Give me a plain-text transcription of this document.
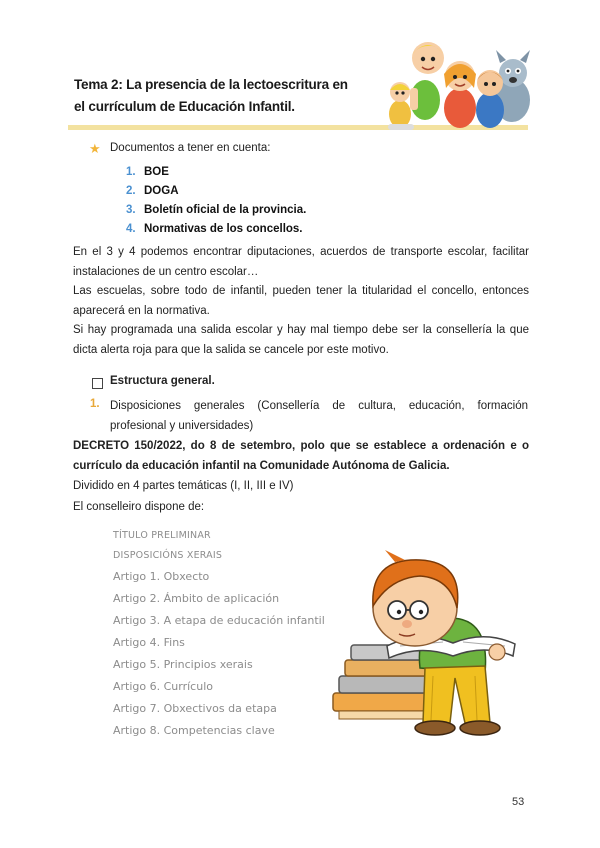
Tema 2: La presencia de la lectoescritura en
el currículum de Educación Infantil.
★ Documentos a tener en cuenta:
1. BOE
2. DOGA
3. Boletín oficial de la provincia.
4. Normativas de los concellos.

En el 3 y 4 podemos encontrar diputaciones, acuerdos de transporte escolar, facilitar instalaciones de un centro escolar…

Las escuelas, sobre todo de infantil, pueden tener la titularidad el concello, entonces aparecerá en la normativa.

Si hay programada una salida escolar y hay mal tiempo debe ser la consellería la que dicta alerta roja para que la salida se cancele por este motivo.

Estructura general.
1. Disposiciones generales (Consellería de cultura, educación, formación profesional y universidades)
DECRETO 150/2022, do 8 de setembro, polo que se establece a ordenación e o currículo da educación infantil na Comunidade Autónoma de Galicia.
Dividido en 4 partes temáticas (I, II, III e IV)
El conselleiro dispone de:
TÍTULO PRELIMINAR
DISPOSICIÓNS XERAIS
Artigo 1. Obxecto
Artigo 2. Ámbito de aplicación
Artigo 3. A etapa de educación infantil
Artigo 4. Fins
Artigo 5. Principios xerais
Artigo 6. Currículo
Artigo 7. Obxectivos da etapa
Artigo 8. Competencias clave
53
